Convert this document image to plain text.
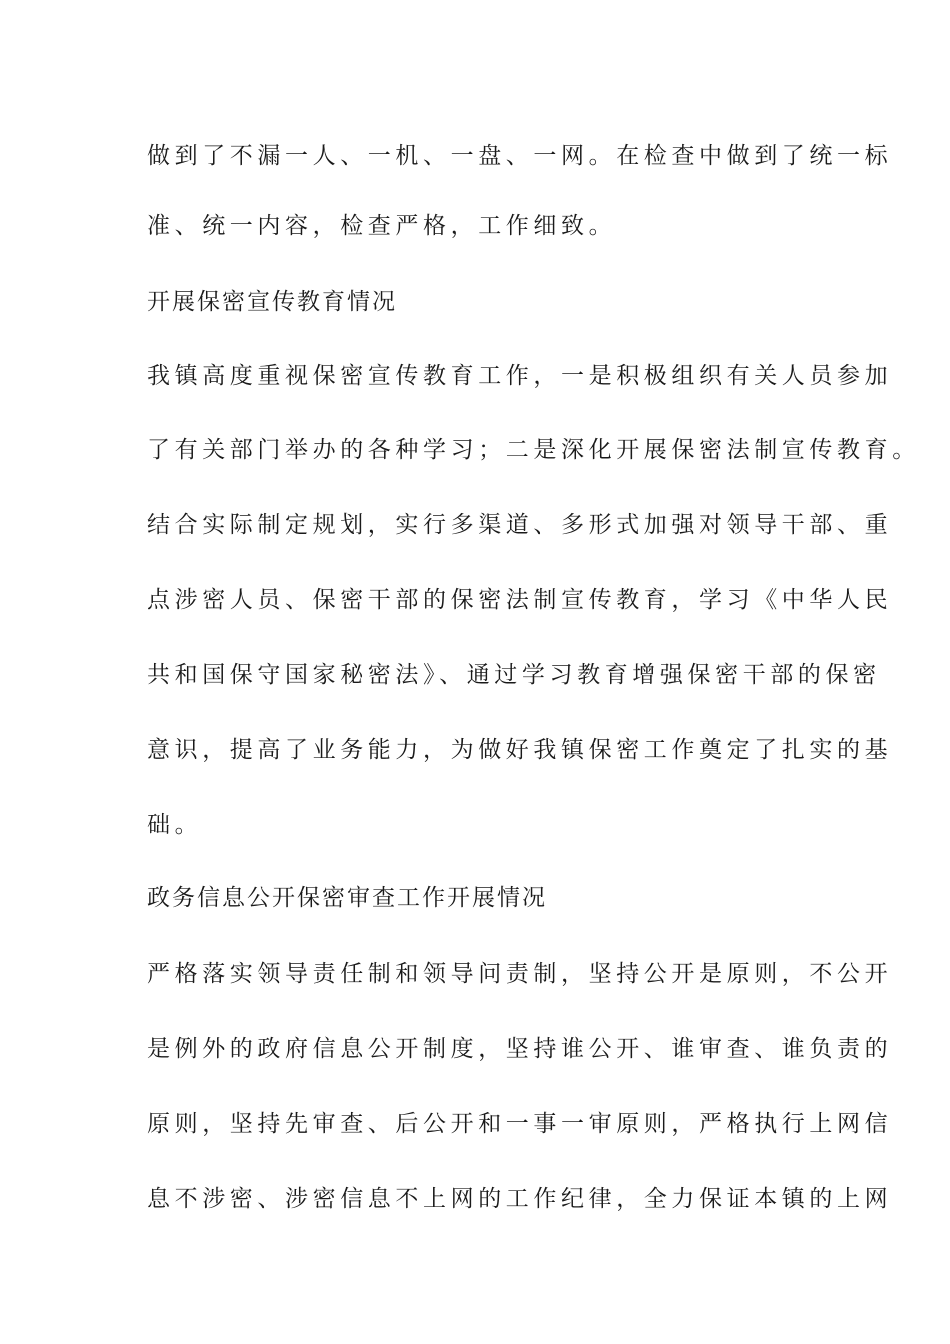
做到了不漏一人、一机、一盘、一网。在检查中做到了统一标
准、统一内容，检查严格，工作细致。
开展保密宣传教育情况
我镇高度重视保密宣传教育工作，一是积极组织有关人员参加
了有关部门举办的各种学习；二是深化开展保密法制宣传教育。
结合实际制定规划，实行多渠道、多形式加强对领导干部、重
点涉密人员、保密干部的保密法制宣传教育，学习《中华人民
共和国保守国家秘密法》、通过学习教育增强保密干部的保密
意识，提高了业务能力，为做好我镇保密工作奠定了扎实的基
础。
政务信息公开保密审查工作开展情况
严格落实领导责任制和领导问责制，坚持公开是原则，不公开
是例外的政府信息公开制度，坚持谁公开、谁审查、谁负责的
原则，坚持先审查、后公开和一事一审原则，严格执行上网信
息不涉密、涉密信息不上网的工作纪律，全力保证本镇的上网
